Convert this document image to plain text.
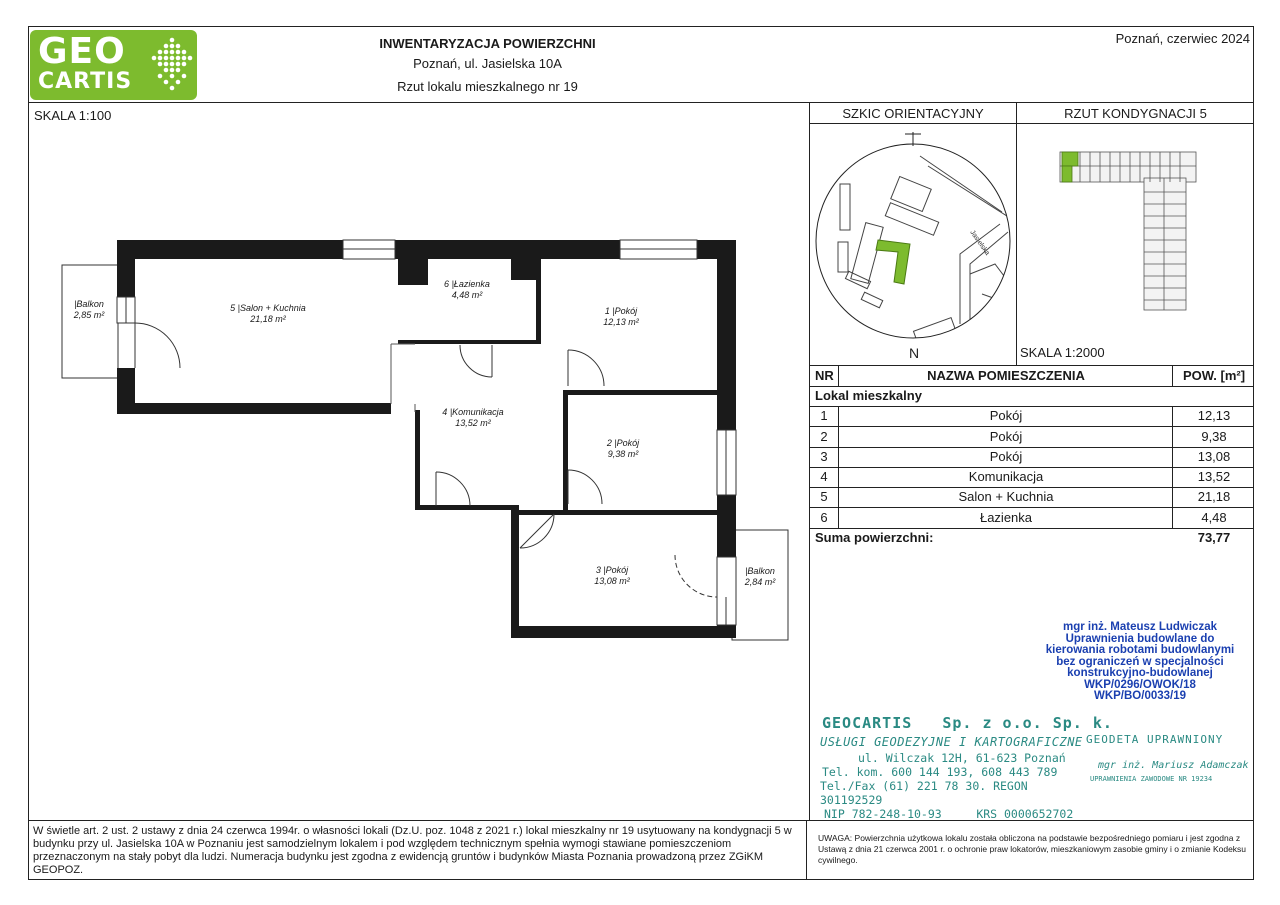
GEO
CARTIS
INWENTARYZACJA POWIERZCHNI
Poznań, ul. Jasielska 10A
Rzut lokalu mieszkalnego nr 19
Poznań, czerwiec 2024
SKALA 1:100
5 |Salon + Kuchnia
21,18 m²
6 |Łazienka
4,48 m²
1 |Pokój
12,13 m²
4 |Komunikacja
13,52 m²
2 |Pokój
9,38 m²
3 |Pokój
13,08 m²
|Balkon
2,85 m²
|Balkon
2,84 m²
SZKIC ORIENTACYJNY	RZUT KONDYGNACJI 5
Jasielska
N	SKALA 1:2000
NR	NAZWA POMIESZCZENIA	POW. [m²]
Lokal mieszkalny
1	Pokój	12,13
2	Pokój	9,38
3	Pokój	13,08
4	Komunikacja	13,52
5	Salon + Kuchnia	21,18
6	Łazienka	4,48
Suma powierzchni:	73,77
mgr inż. Mateusz Ludwiczak
Uprawnienia budowlane do
kierowania robotami budowlanymi
bez ograniczeń w specjalności
konstrukcyjno-budowlanej
WKP/0296/OWOK/18
WKP/BO/0033/19
GEOCARTIS Sp. z o.o. Sp. k.
USŁUGI GEODEZYJNE I KARTOGRAFICZNE
ul. Wilczak 12H, 61-623 Poznań
Tel. kom. 600 144 193, 608 443 789
Tel./Fax (61) 221 78 30. REGON 301192529
NIP 782-248-10-93     KRS 0000652702
GEODETA UPRAWNIONY
mgr inż. Mariusz Adamczak
UPRAWNIENIA ZAWODOWE NR 19234
W świetle art. 2 ust. 2 ustawy z dnia 24 czerwca 1994r. o własności lokali (Dz.U. poz. 1048 z 2021 r.) lokal mieszkalny nr 19 usytuowany na kondygnacji 5 w budynku przy ul. Jasielska 10A w Poznaniu jest samodzielnym lokalem i pod względem technicznym spełnia wymogi stawiane pomieszczeniom przeznaczonym na stały pobyt dla ludzi. Numeracja budynku jest zgodna z ewidencją gruntów i budynków Miasta Poznania prowadzoną przez ZGiKM GEOPOZ.
UWAGA: Powierzchnia użytkowa lokalu została obliczona na podstawie bezpośredniego pomiaru i jest zgodna z Ustawą z dnia 21 czerwca 2001 r. o ochronie praw lokatorów, mieszkaniowym zasobie gminy i o zmianie Kodeksu cywilnego.
